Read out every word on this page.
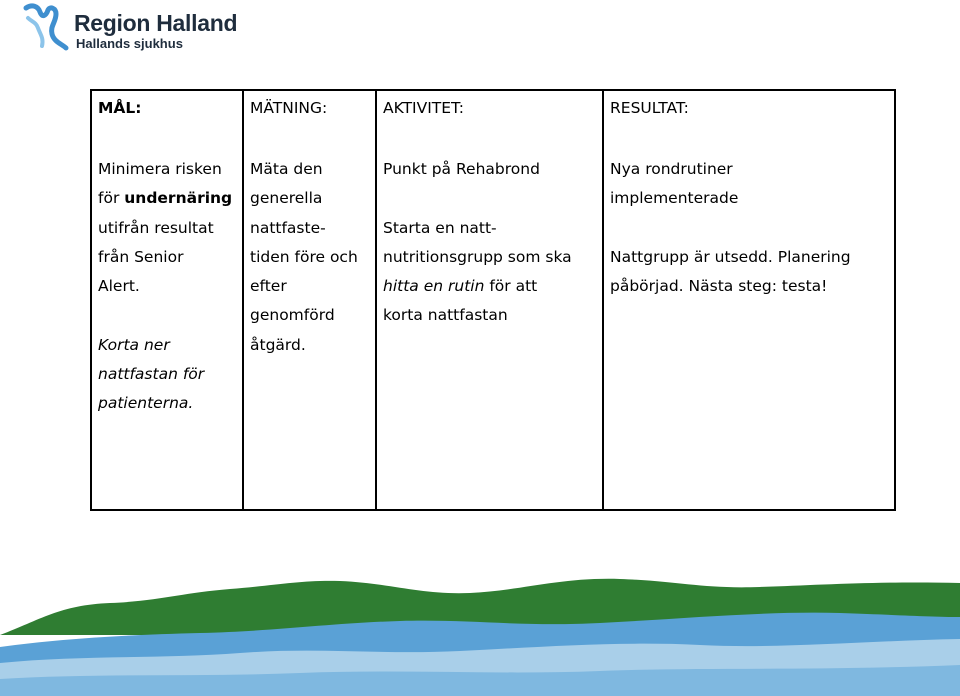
Region Halland
Hallands sjukhus
MÅL:
Minimera risken
för undernäring
utifrån resultat
från Senior
Alert.
Korta ner
nattfastan för
patienterna.

MÄTNING:
Mäta den
generella
nattfaste-
tiden före och
efter
genomförd
åtgärd.

AKTIVITET:
Punkt på Rehabrond
Starta en natt-
nutritionsgrupp som ska
hitta en rutin för att
korta nattfastan

RESULTAT:
Nya rondrutiner
implementerade
Nattgrupp är utsedd. Planering
påbörjad. Nästa steg: testa!
